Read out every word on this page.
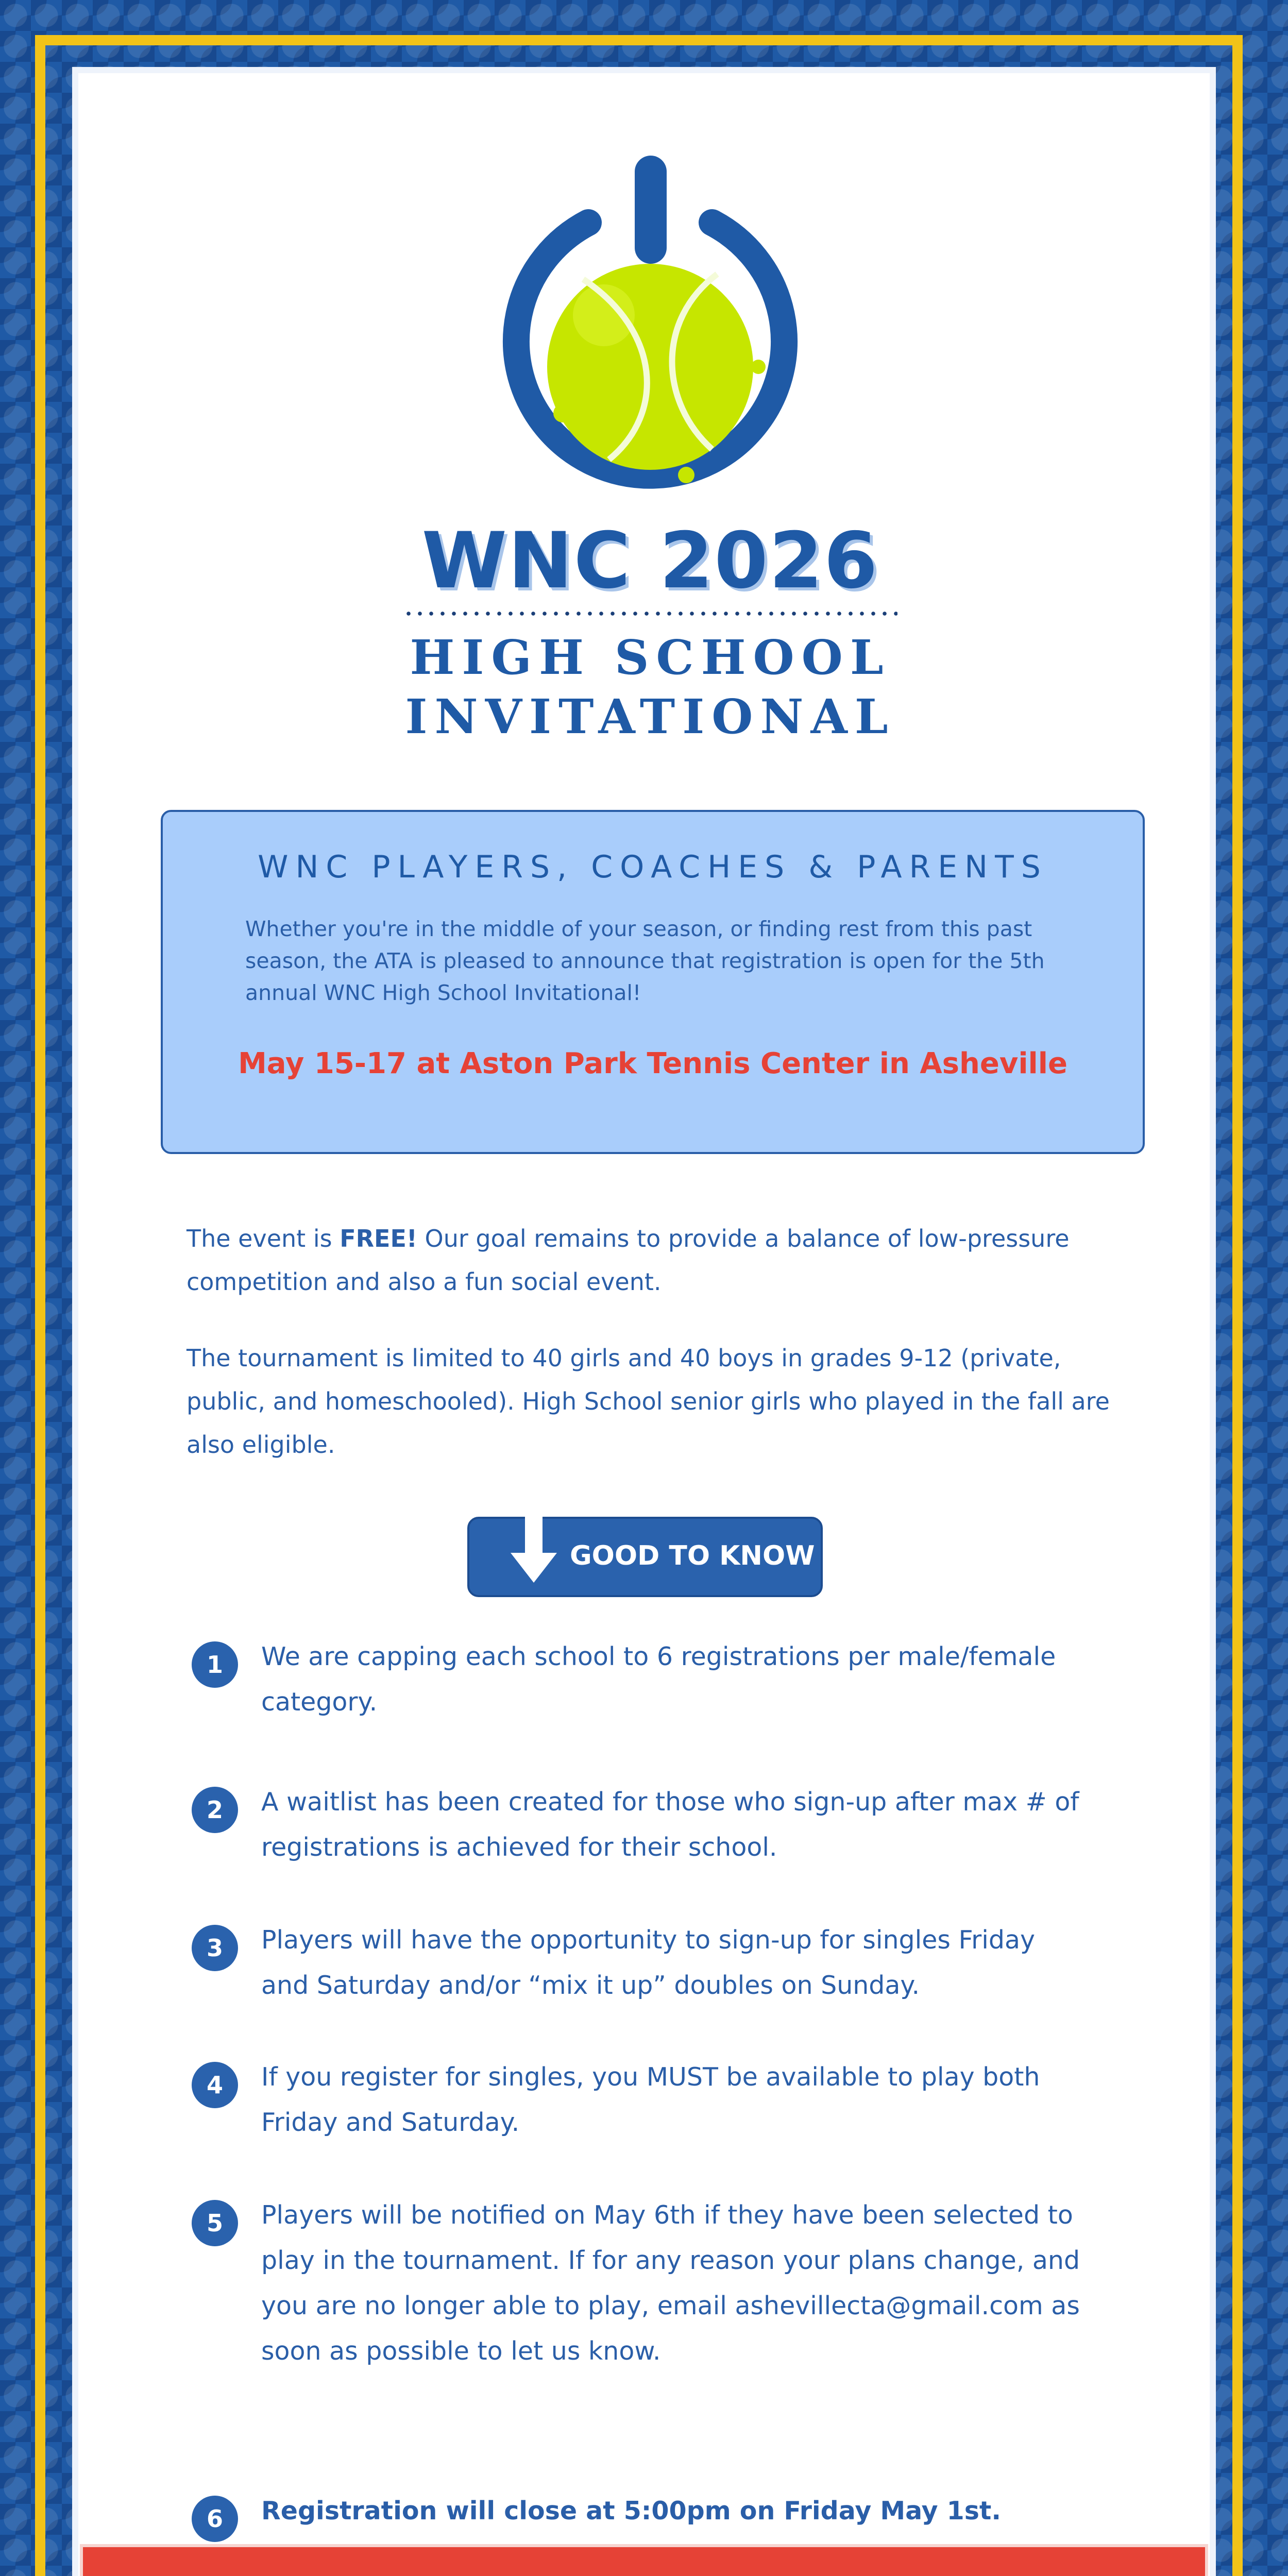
WNC 2026
HIGH SCHOOL
INVITATIONAL
WNC PLAYERS, COACHES & PARENTS
Whether you're in the middle of your season, or finding rest from this past season, the ATA is pleased to announce that registration is open for the 5th annual WNC High School Invitational!
May 15-17 at Aston Park Tennis Center in Asheville
The event is FREE! Our goal remains to provide a balance of low-pressure competition and also a fun social event.
The tournament is limited to 40 girls and 40 boys in grades 9-12 (private, public, and homeschooled). High School senior girls who played in the fall are also eligible.
GOOD TO KNOW
1	We are capping each school to 6 registrations per male/female category.
2	A waitlist has been created for those who sign-up after max # of registrations is achieved for their school.
3	Players will have the opportunity to sign-up for singles Friday and Saturday and/or “mix it up” doubles on Sunday.
4	If you register for singles, you MUST be available to play both Friday and Saturday.
5	Players will be notified on May 6th if they have been selected to play in the tournament. If for any reason your plans change, and you are no longer able to play, email ashevillecta@gmail.com as soon as possible to let us know.
6	Registration will close at 5:00pm on Friday May 1st.
